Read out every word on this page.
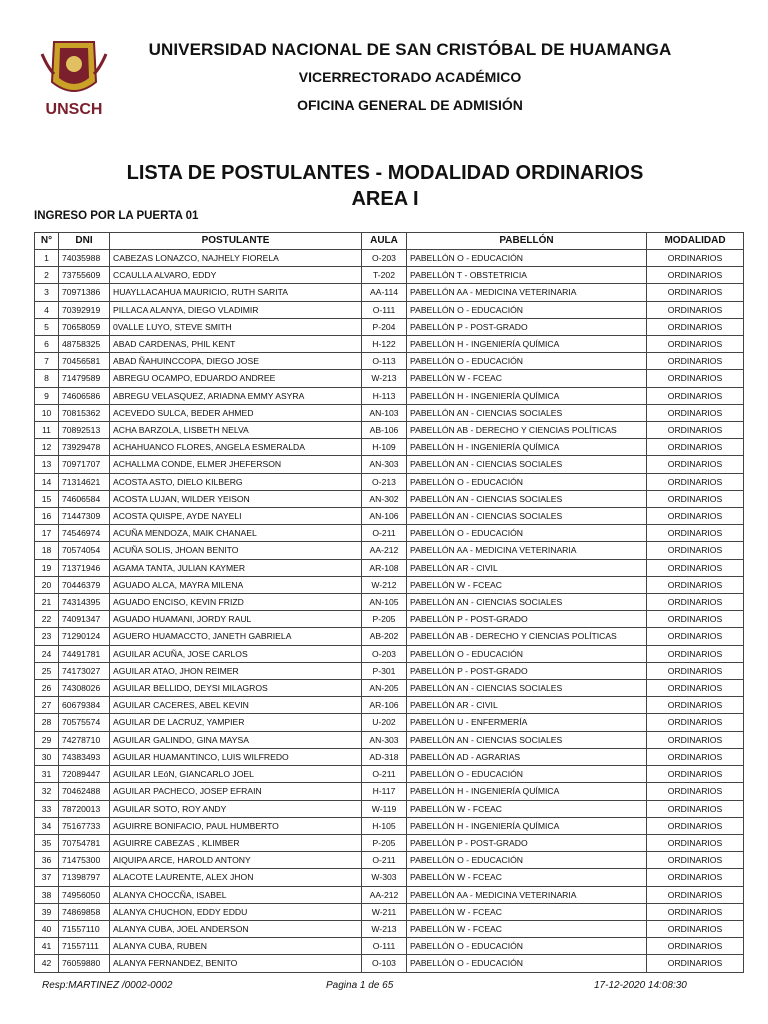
UNSCH
UNIVERSIDAD NACIONAL DE SAN CRISTÓBAL DE HUAMANGA
VICERRECTORADO ACADÉMICO
OFICINA GENERAL DE ADMISIÓN
LISTA DE POSTULANTES - MODALIDAD ORDINARIOS
AREA I
INGRESO POR LA PUERTA 01
N°	DNI	POSTULANTE	AULA	PABELLÓN	MODALIDAD
1	74035988	CABEZAS LONAZCO, NAJHELY FIORELA	O-203	PABELLÓN O - EDUCACIÓN	ORDINARIOS
2	73755609	CCAULLA ALVARO, EDDY	T-202	PABELLÓN T - OBSTETRICIA	ORDINARIOS
3	70971386	HUAYLLACAHUA MAURICIO, RUTH SARITA	AA-114	PABELLÓN AA - MEDICINA VETERINARIA	ORDINARIOS
4	70392919	PILLACA ALANYA, DIEGO VLADIMIR	O-111	PABELLÓN O - EDUCACIÓN	ORDINARIOS
5	70658059	0VALLE LUYO, STEVE SMITH	P-204	PABELLÓN P - POST-GRADO	ORDINARIOS
6	48758325	ABAD CARDENAS, PHIL KENT	H-122	PABELLÓN H - INGENIERÍA QUÍMICA	ORDINARIOS
7	70456581	ABAD ÑAHUINCCOPA, DIEGO JOSE	O-113	PABELLÓN O - EDUCACIÓN	ORDINARIOS
8	71479589	ABREGU OCAMPO, EDUARDO ANDREE	W-213	PABELLÓN W - FCEAC	ORDINARIOS
9	74606586	ABREGU VELASQUEZ, ARIADNA EMMY ASYRA	H-113	PABELLÓN H - INGENIERÍA QUÍMICA	ORDINARIOS
10	70815362	ACEVEDO SULCA, BEDER AHMED	AN-103	PABELLÓN AN - CIENCIAS SOCIALES	ORDINARIOS
11	70892513	ACHA BARZOLA, LISBETH NELVA	AB-106	PABELLÓN AB - DERECHO Y CIENCIAS POLÍTICAS	ORDINARIOS
12	73929478	ACHAHUANCO FLORES, ANGELA ESMERALDA	H-109	PABELLÓN H - INGENIERÍA QUÍMICA	ORDINARIOS
13	70971707	ACHALLMA CONDE, ELMER JHEFERSON	AN-303	PABELLÓN AN - CIENCIAS SOCIALES	ORDINARIOS
14	71314621	ACOSTA ASTO, DIELO KILBERG	O-213	PABELLÓN O - EDUCACIÓN	ORDINARIOS
15	74606584	ACOSTA LUJAN, WILDER YEISON	AN-302	PABELLÓN AN - CIENCIAS SOCIALES	ORDINARIOS
16	71447309	ACOSTA QUISPE, AYDE NAYELI	AN-106	PABELLÓN AN - CIENCIAS SOCIALES	ORDINARIOS
17	74546974	ACUÑA MENDOZA, MAIK CHANAEL	O-211	PABELLÓN O - EDUCACIÓN	ORDINARIOS
18	70574054	ACUÑA SOLIS, JHOAN BENITO	AA-212	PABELLÓN AA - MEDICINA VETERINARIA	ORDINARIOS
19	71371946	AGAMA TANTA, JULIAN KAYMER	AR-108	PABELLÓN AR - CIVIL	ORDINARIOS
20	70446379	AGUADO ALCA, MAYRA MILENA	W-212	PABELLÓN W - FCEAC	ORDINARIOS
21	74314395	AGUADO ENCISO, KEVIN FRIZD	AN-105	PABELLÓN AN - CIENCIAS SOCIALES	ORDINARIOS
22	74091347	AGUADO HUAMANI, JORDY RAUL	P-205	PABELLÓN P - POST-GRADO	ORDINARIOS
23	71290124	AGUERO HUAMACCTO, JANETH GABRIELA	AB-202	PABELLÓN AB - DERECHO Y CIENCIAS POLÍTICAS	ORDINARIOS
24	74491781	AGUILAR ACUÑA, JOSE CARLOS	O-203	PABELLÓN O - EDUCACIÓN	ORDINARIOS
25	74173027	AGUILAR ATAO, JHON REIMER	P-301	PABELLÓN P - POST-GRADO	ORDINARIOS
26	74308026	AGUILAR BELLIDO, DEYSI MILAGROS	AN-205	PABELLÓN AN - CIENCIAS SOCIALES	ORDINARIOS
27	60679384	AGUILAR CACERES, ABEL KEVIN	AR-106	PABELLÓN AR - CIVIL	ORDINARIOS
28	70575574	AGUILAR DE LACRUZ, YAMPIER	U-202	PABELLÓN U - ENFERMERÍA	ORDINARIOS
29	74278710	AGUILAR GALINDO, GINA MAYSA	AN-303	PABELLÓN AN - CIENCIAS SOCIALES	ORDINARIOS
30	74383493	AGUILAR HUAMANTINCO, LUIS WILFREDO	AD-318	PABELLÓN AD - AGRARIAS	ORDINARIOS
31	72089447	AGUILAR LEóN, GIANCARLO JOEL	O-211	PABELLÓN O - EDUCACIÓN	ORDINARIOS
32	70462488	AGUILAR PACHECO, JOSEP EFRAIN	H-117	PABELLÓN H - INGENIERÍA QUÍMICA	ORDINARIOS
33	78720013	AGUILAR SOTO, ROY ANDY	W-119	PABELLÓN W - FCEAC	ORDINARIOS
34	75167733	AGUIRRE BONIFACIO, PAUL HUMBERTO	H-105	PABELLÓN H - INGENIERÍA QUÍMICA	ORDINARIOS
35	70754781	AGUIRRE CABEZAS , KLIMBER	P-205	PABELLÓN P - POST-GRADO	ORDINARIOS
36	71475300	AIQUIPA ARCE, HAROLD ANTONY	O-211	PABELLÓN O - EDUCACIÓN	ORDINARIOS
37	71398797	ALACOTE LAURENTE, ALEX JHON	W-303	PABELLÓN W - FCEAC	ORDINARIOS
38	74956050	ALANYA CHOCCÑA, ISABEL	AA-212	PABELLÓN AA - MEDICINA VETERINARIA	ORDINARIOS
39	74869858	ALANYA CHUCHON, EDDY EDDU	W-211	PABELLÓN W - FCEAC	ORDINARIOS
40	71557110	ALANYA CUBA, JOEL ANDERSON	W-213	PABELLÓN W - FCEAC	ORDINARIOS
41	71557111	ALANYA CUBA, RUBEN	O-111	PABELLÓN O - EDUCACIÓN	ORDINARIOS
42	76059880	ALANYA FERNANDEZ, BENITO	O-103	PABELLÓN O - EDUCACIÓN	ORDINARIOS
Resp:MARTINEZ /0002-0002	Pagina 1 de 65	17-12-2020 14:08:30
